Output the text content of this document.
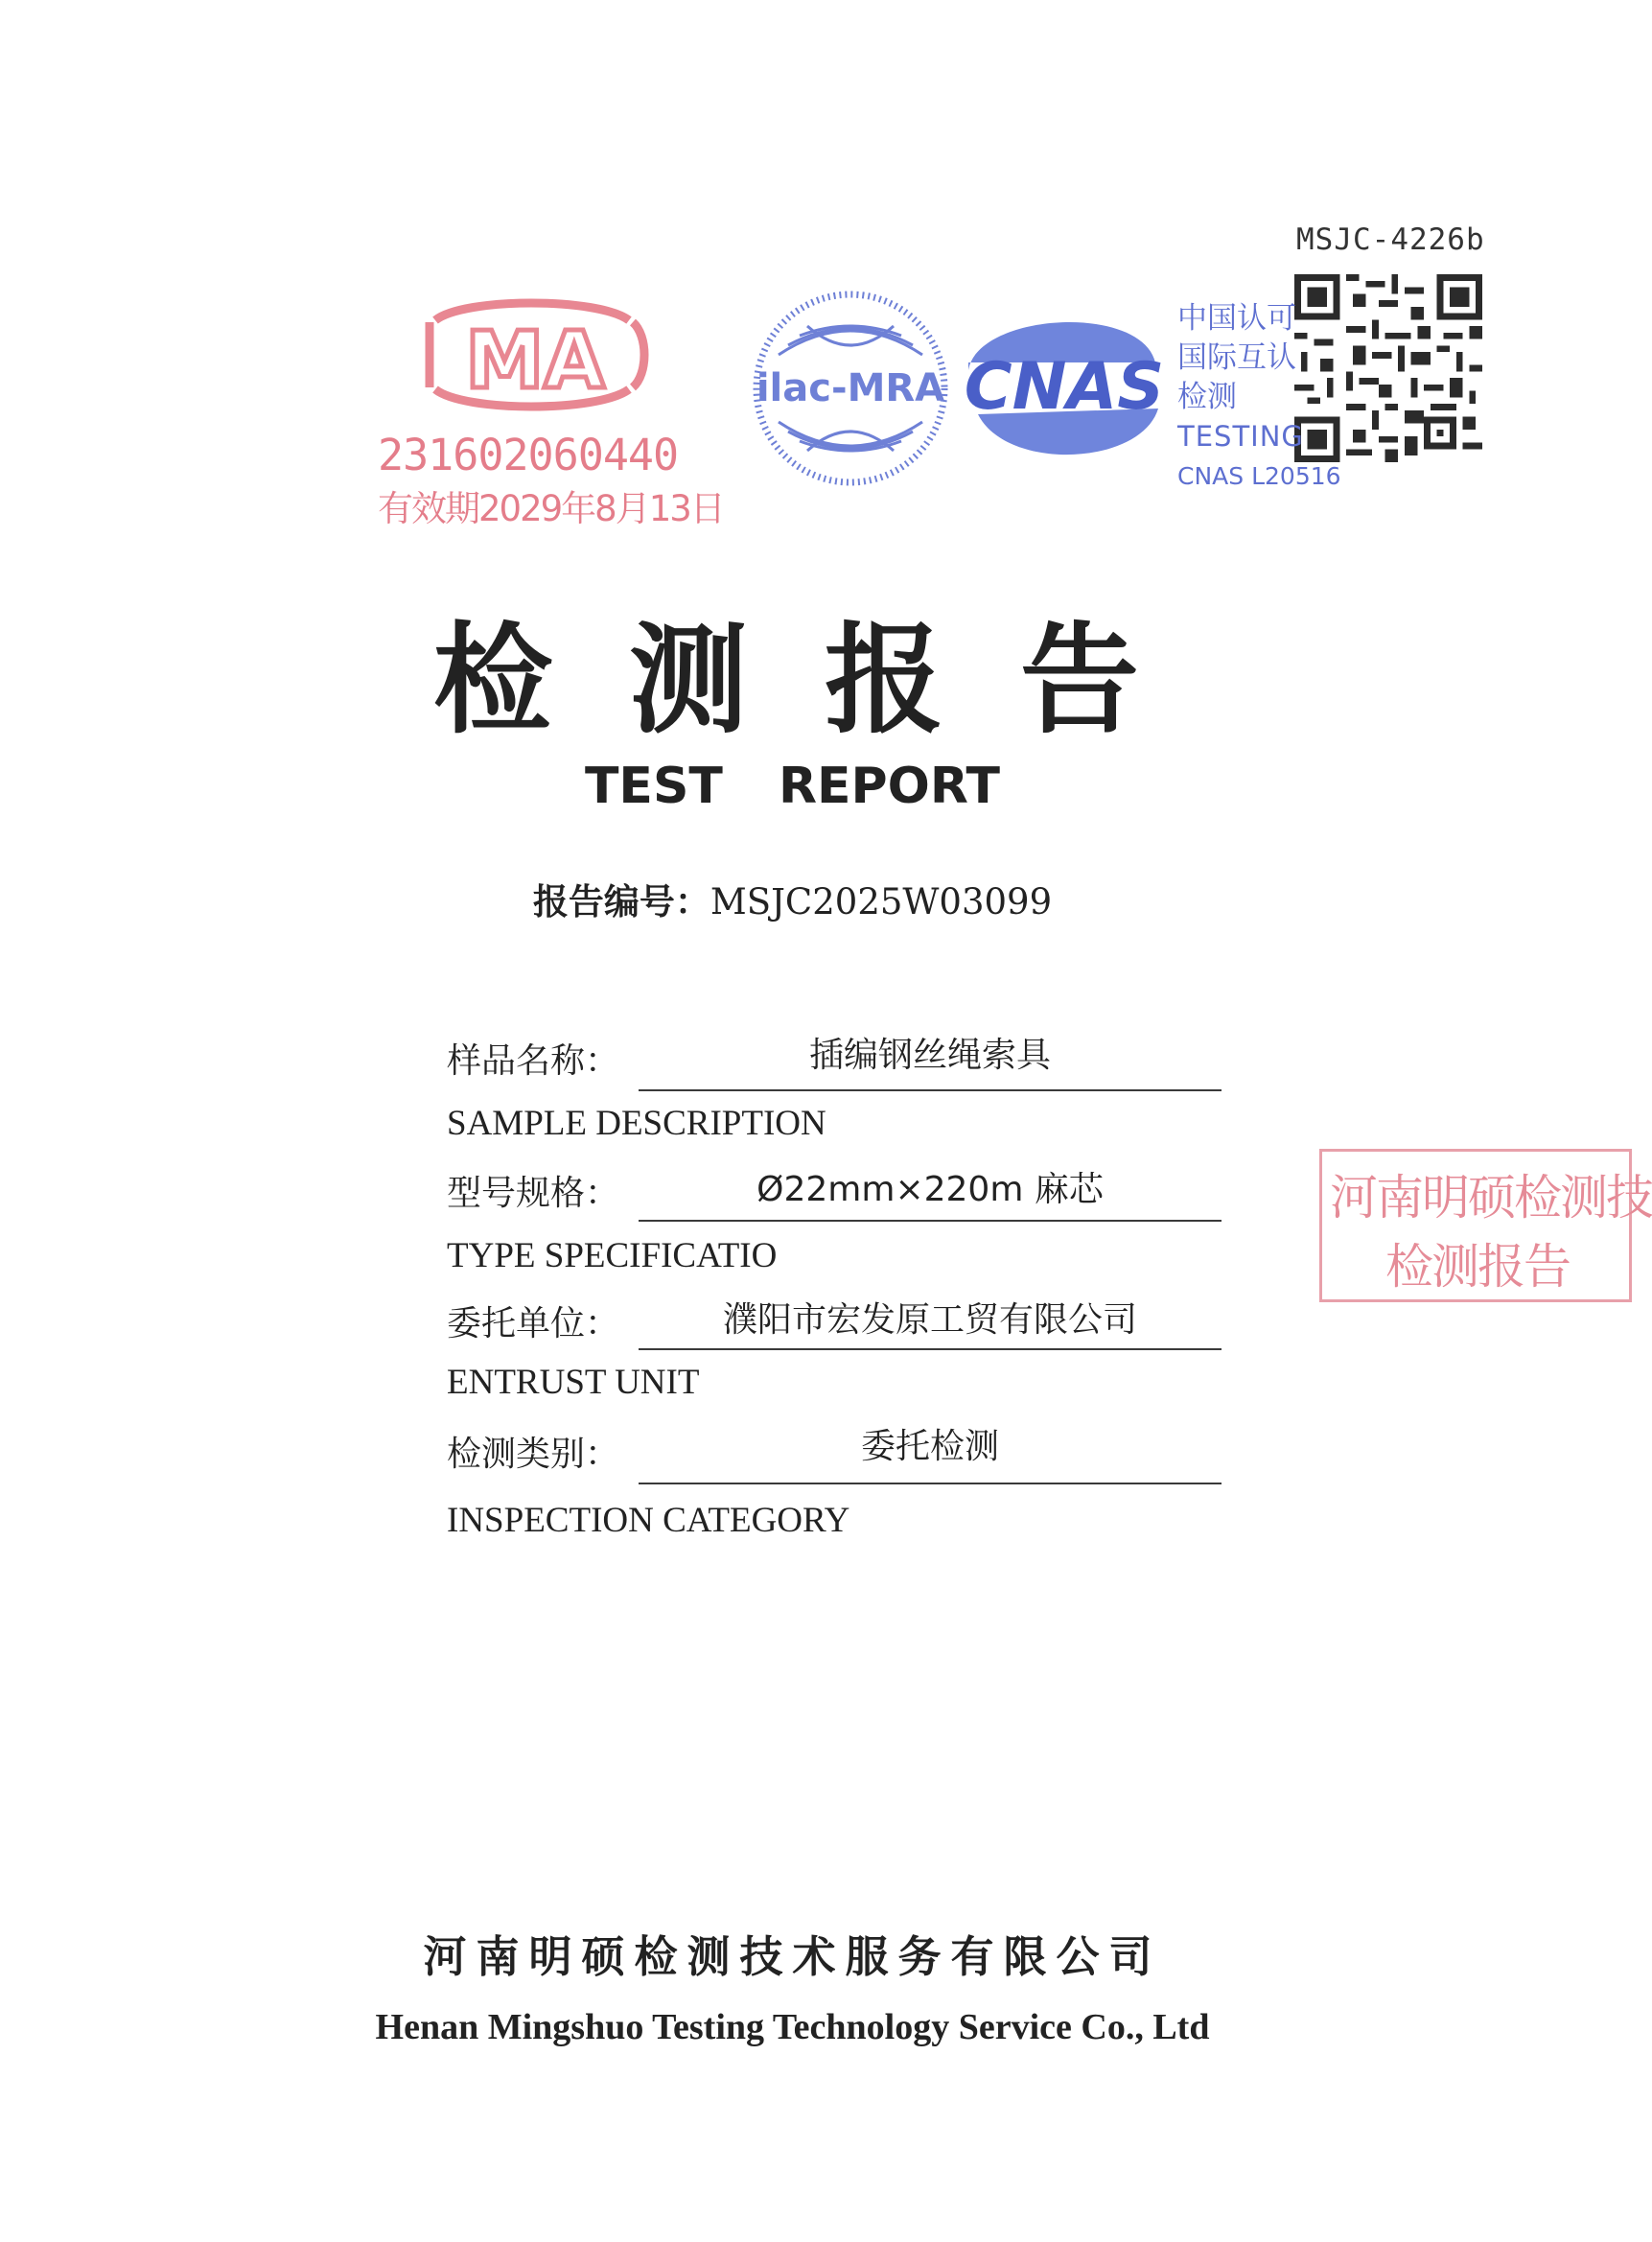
MSJC-4226b
MA
231602060440
有效期2029年8月13日
ilac-MRA CNAS
中国认可
国际互认
检测
TESTING
CNAS L20516
检测报告
TEST REPORT
报告编号：MSJC2025W03099
样品名称：	插编钢丝绳索具
SAMPLE DESCRIPTION
型号规格：	Ø22mm×220m 麻芯
TYPE SPECIFICATIO
委托单位：	濮阳市宏发原工贸有限公司
ENTRUST UNIT
检测类别：	委托检测
INSPECTION CATEGORY
河南明硕检测技
检测报告
河南明硕检测技术服务有限公司
Henan Mingshuo Testing Technology Service Co., Ltd
